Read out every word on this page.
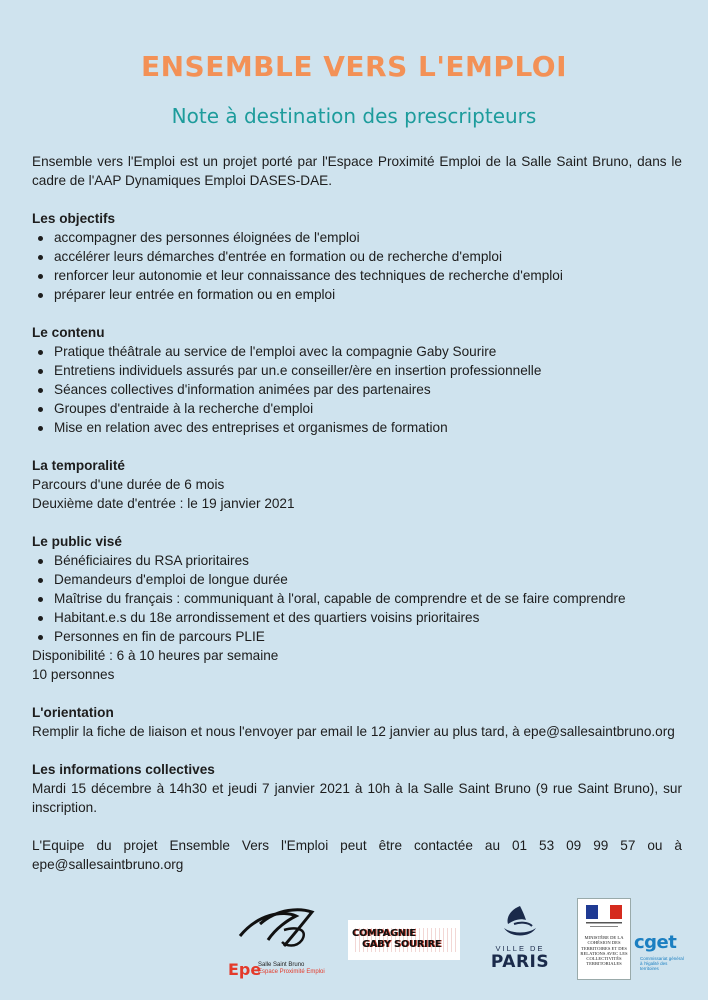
ENSEMBLE VERS L'EMPLOI
Note à destination des prescripteurs
Ensemble vers l'Emploi est un projet porté par l'Espace Proximité Emploi de la Salle Saint Bruno, dans le cadre de l'AAP Dynamiques Emploi DASES-DAE.
Les objectifs
accompagner des personnes éloignées de l'emploi
accélérer leurs démarches d'entrée en formation ou de recherche d'emploi
renforcer leur autonomie et leur connaissance des techniques de recherche d'emploi
préparer leur entrée en formation ou en emploi
Le contenu
Pratique théâtrale au service de l'emploi avec la compagnie Gaby Sourire
Entretiens individuels assurés par un.e conseiller/ère en insertion professionnelle
Séances collectives d'information animées par des partenaires
Groupes d'entraide à la recherche d'emploi
Mise en relation avec des entreprises et organismes de formation
La temporalité
Parcours d'une durée de 6 mois
Deuxième date d'entrée : le 19 janvier 2021
Le public visé
Bénéficiaires du RSA prioritaires
Demandeurs d'emploi de longue durée
Maîtrise du français : communiquant à l'oral, capable de comprendre et de se faire comprendre
Habitant.e.s du 18e arrondissement et des quartiers voisins prioritaires
Personnes en fin de parcours PLIE
Disponibilité : 6 à 10 heures par semaine
10 personnes
L'orientation
Remplir la fiche de liaison et nous l'envoyer par email le 12 janvier au plus tard, à epe@sallesaintbruno.org
Les informations collectives
Mardi 15 décembre à 14h30 et jeudi 7 janvier 2021 à 10h à la Salle Saint Bruno (9 rue Saint Bruno), sur inscription.
L'Equipe du projet Ensemble Vers l'Emploi peut être contactée au 01 53 09 99 57 ou à epe@sallesaintbruno.org
Epe
Salle Saint Bruno
Espace Proximité Emploi
COMPAGNIE
GABY SOURIRE	VILLE DE
PARIS
MINISTÈRE DE LA COHÉSION DES TERRITOIRES ET DES RELATIONS AVEC LES COLLECTIVITÉS TERRITORIALES
cget
Commissariat général à l'égalité des territoires
